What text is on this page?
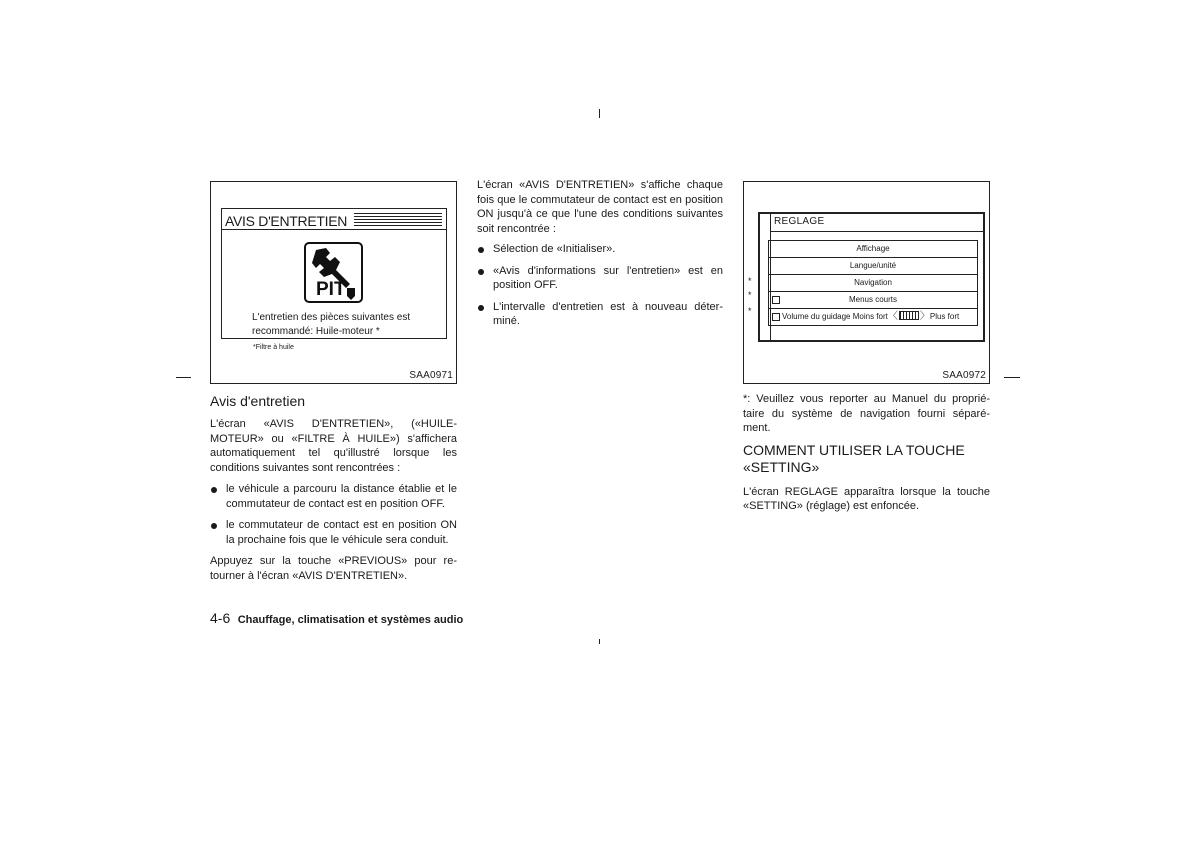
AVIS D'ENTRETIEN
PIT
L'entretien des pièces suivantes est
recommandé: Huile-moteur *
*Filtre à huile
SAA0971
Avis d'entretien

L'écran «AVIS D'ENTRETIEN», («HUILE-MOTEUR» ou «FILTRE À HUILE») s'affichera automatiquement tel qu'illustré lorsque les conditions suivantes sont rencontrées :

le véhicule a parcouru la distance établie et le commutateur de contact est en position OFF.
le commutateur de contact est en position ON la prochaine fois que le véhicule sera conduit.

Appuyez sur la touche «PREVIOUS» pour re-tourner à l'écran «AVIS D'ENTRETIEN».

L'écran «AVIS D'ENTRETIEN» s'affiche chaque fois que le commutateur de contact est en position ON jusqu'à ce que l'une des conditions suivantes soit rencontrée :

Sélection de «Initialiser».
«Avis d'informations sur l'entretien» est en position OFF.
L'intervalle d'entretien est à nouveau déter-miné.
REGLAGE
Affichage
Langue/unité
Navigation
Menus courts
Volume du guidage Moins fort〈 〉Plus fort
*
*
*
SAA0972

*: Veuillez vous reporter au Manuel du proprié-taire du système de navigation fourni séparé-ment.

COMMENT UTILISER LA TOUCHE «SETTING»

L'écran REGLAGE apparaîtra lorsque la touche «SETTING» (réglage) est enfoncée.

4-6 Chauffage, climatisation et systèmes audio
